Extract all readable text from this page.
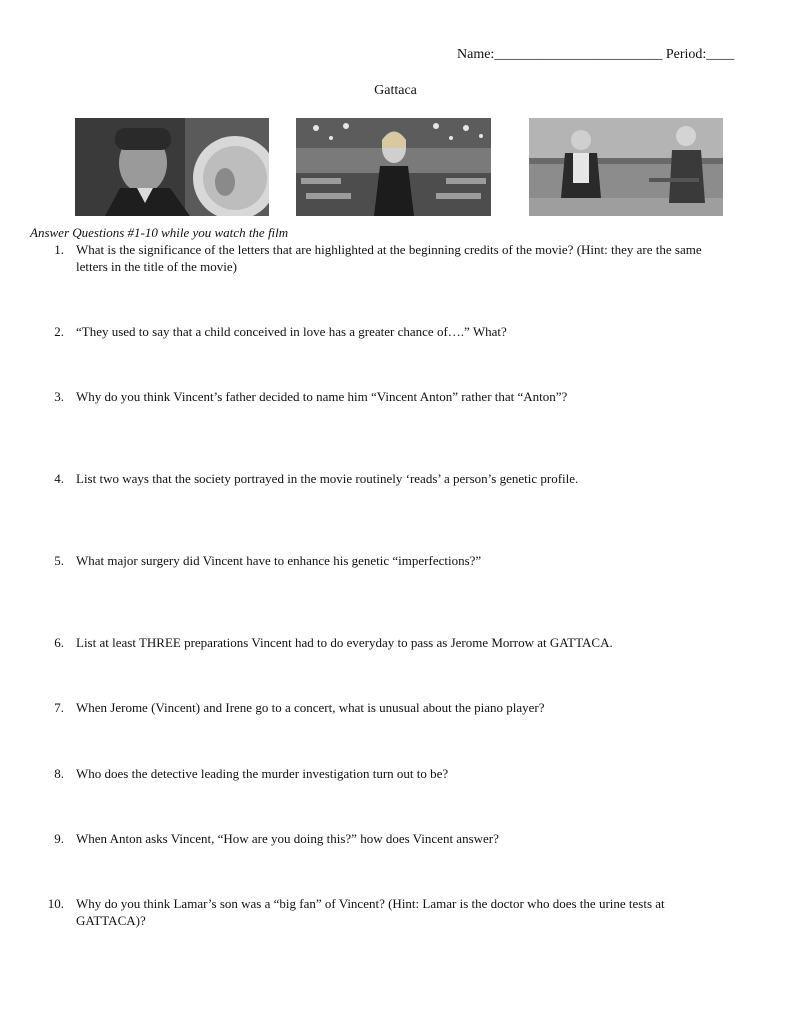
Name:________________________ Period:____
Gattaca
Answer Questions #1-10 while you watch the film
1. What is the significance of the letters that are highlighted at the beginning credits of the movie? (Hint: they are the same letters in the title of the movie)
2. “They used to say that a child conceived in love has a greater chance of….” What?
3. Why do you think Vincent’s father decided to name him “Vincent Anton” rather that “Anton”?
4. List two ways that the society portrayed in the movie routinely ‘reads’ a person’s genetic profile.
5. What major surgery did Vincent have to enhance his genetic “imperfections?”
6. List at least THREE preparations Vincent had to do everyday to pass as Jerome Morrow at GATTACA.
7. When Jerome (Vincent) and Irene go to a concert, what is unusual about the piano player?
8. Who does the detective leading the murder investigation turn out to be?
9. When Anton asks Vincent, “How are you doing this?” how does Vincent answer?
10. Why do you think Lamar’s son was a “big fan” of Vincent? (Hint: Lamar is the doctor who does the urine tests at GATTACA)?
